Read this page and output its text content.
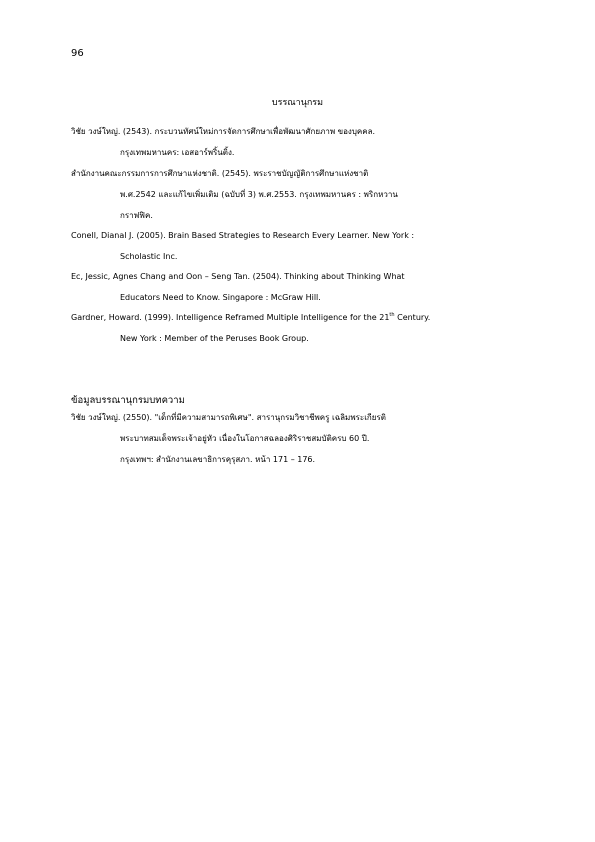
96
บรรณานุกรม
วิชัย วงษ์ใหญ่. (2543). กระบวนทัศน์ใหม่การจัดการศึกษาเพื่อพัฒนาศักยภาพ ของบุคคล.
กรุงเทพมหานคร: เอสอาร์พริ้นติ้ง.
สำนักงานคณะกรรมการการศึกษาแห่งชาติ. (2545). พระราชบัญญัติการศึกษาแห่งชาติ
พ.ศ.2542 และแก้ไขเพิ่มเติม (ฉบับที่ 3) พ.ศ.2553. กรุงเทพมหานคร : พริกหวาน
กราฟฟิค.
Conell, Dianal J. (2005). Brain Based Strategies to Research Every Learner. New York :
Scholastic Inc.
Ec, Jessic, Agnes Chang and Oon – Seng Tan. (2504). Thinking about Thinking What
Educators Need to Know. Singapore : McGraw Hill.
Gardner, Howard. (1999). Intelligence Reframed Multiple Intelligence for the 21th Century.
New York : Member of the Peruses Book Group.
ข้อมูลบรรณานุกรมบทความ
วิชัย วงษ์ใหญ่. (2550). "เด็กที่มีความสามารถพิเศษ". สารานุกรมวิชาชีพครู เฉลิมพระเกียรติ
พระบาทสมเด็จพระเจ้าอยู่หัว เนื่องในโอกาสฉลองศิริราชสมบัติครบ 60 ปี.
กรุงเทพฯ: สำนักงานเลขาธิการคุรุสภา. หน้า 171 – 176.
